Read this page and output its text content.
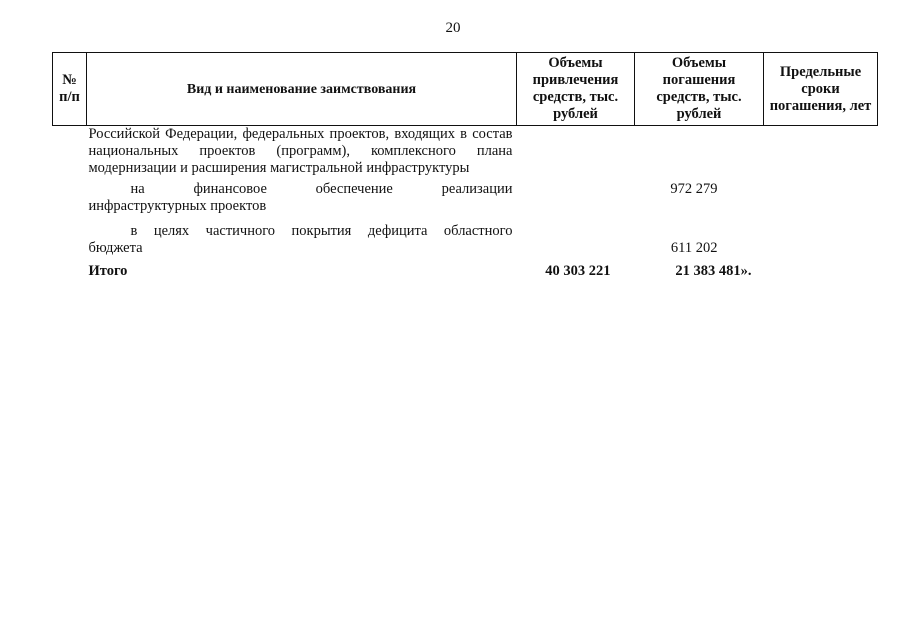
20
№ п/п	Вид и наименование заимствования	Объемы привлечения средств, тыс. рублей	Объемы погашения средств, тыс. рублей	Предельные сроки погашения, лет
	Российской Федерации, федеральных проектов, входящих в состав национальных проектов (программ), комплексного плана модернизации и расширения магистральной инфраструктуры			

	на финансовое обеспечение реализации
инфраструктурных проектов		972 279	

	в целях частичного покрытия дефицита областного
бюджета		611 202	
	Итого	40 303 221	21 383 481».	
